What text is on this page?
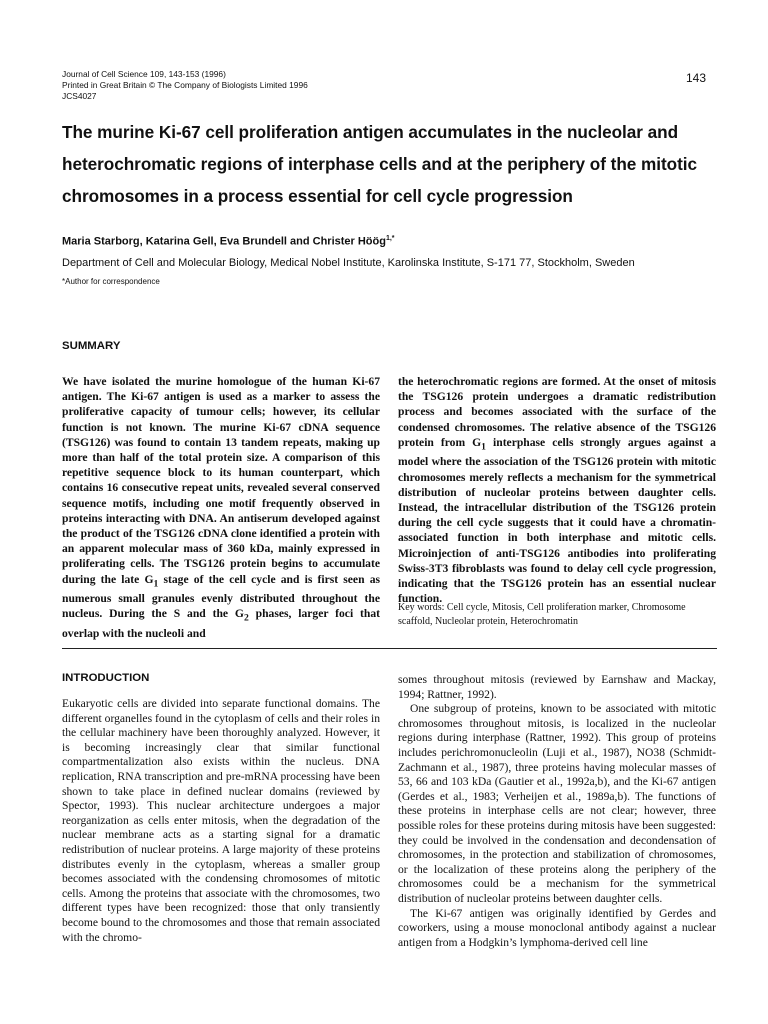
Journal of Cell Science 109, 143-153 (1996)
Printed in Great Britain © The Company of Biologists Limited 1996
JCS4027
143
The murine Ki-67 cell proliferation antigen accumulates in the nucleolar and heterochromatic regions of interphase cells and at the periphery of the mitotic chromosomes in a process essential for cell cycle progression
Maria Starborg, Katarina Gell, Eva Brundell and Christer Höög$^{1,*}$
Department of Cell and Molecular Biology, Medical Nobel Institute, Karolinska Institute, S-171 77, Stockholm, Sweden
*Author for correspondence
SUMMARY

We have isolated the murine homologue of the human Ki-67 antigen. The Ki-67 antigen is used as a marker to assess the proliferative capacity of tumour cells; however, its cellular function is not known. The murine Ki-67 cDNA sequence (TSG126) was found to contain 13 tandem repeats, making up more than half of the total protein size. A comparison of this repetitive sequence block to its human counterpart, which contains 16 consecutive repeat units, revealed several conserved sequence motifs, including one motif frequently observed in proteins interacting with DNA. An antiserum developed against the product of the TSG126 cDNA clone identified a protein with an apparent molecular mass of 360 kDa, mainly expressed in proliferating cells. The TSG126 protein begins to accumulate during the late $G_1$ stage of the cell cycle and is first seen as numerous small granules evenly distributed throughout the nucleus. During the S and the $G_2$ phases, larger foci that overlap with the nucleoli and

the heterochromatic regions are formed. At the onset of mitosis the TSG126 protein undergoes a dramatic redistribution process and becomes associated with the surface of the condensed chromosomes. The relative absence of the TSG126 protein from $G_1$ interphase cells strongly argues against a model where the association of the TSG126 protein with mitotic chromosomes merely reflects a mechanism for the symmetrical distribution of nucleolar proteins between daughter cells. Instead, the intracellular distribution of the TSG126 protein during the cell cycle suggests that it could have a chromatin-associated function in both interphase and mitotic cells. Microinjection of anti-TSG126 antibodies into proliferating Swiss-3T3 fibroblasts was found to delay cell cycle progression, indicating that the TSG126 protein has an essential nuclear function.

Key words: Cell cycle, Mitosis, Cell proliferation marker, Chromosome scaffold, Nucleolar protein, Heterochromatin

INTRODUCTION

Eukaryotic cells are divided into separate functional domains. The different organelles found in the cytoplasm of cells and their roles in the cellular machinery have been thoroughly analyzed. However, it is becoming increasingly clear that similar functional compartmentalization also exists within the nucleus. DNA replication, RNA transcription and pre-mRNA processing have been shown to take place in defined nuclear domains (reviewed by Spector, 1993). This nuclear architecture undergoes a major reorganization as cells enter mitosis, when the degradation of the nuclear membrane acts as a starting signal for a dramatic redistribution of nuclear proteins. A large majority of these proteins distributes evenly in the cytoplasm, whereas a smaller group becomes associated with the condensing chromosomes of mitotic cells. Among the proteins that associate with the chromosomes, two different types have been recognized: those that only transiently become bound to the chromosomes and those that remain associated with the chromo-

somes throughout mitosis (reviewed by Earnshaw and Mackay, 1994; Rattner, 1992).

One subgroup of proteins, known to be associated with mitotic chromosomes throughout mitosis, is localized in the nucleolar regions during interphase (Rattner, 1992). This group of proteins includes perichromonucleolin (Luji et al., 1987), NO38 (Schmidt-Zachmann et al., 1987), three proteins having molecular masses of 53, 66 and 103 kDa (Gautier et al., 1992a,b), and the Ki-67 antigen (Gerdes et al., 1983; Verheijen et al., 1989a,b). The functions of these proteins in interphase cells are not clear; however, three possible roles for these proteins during mitosis have been suggested: they could be involved in the condensation and decondensation of chromosomes, in the protection and stabilization of chromosomes, or the localization of these proteins along the periphery of the chromosomes could be a mechanism for the symmetrical distribution of nucleolar proteins between daughter cells.

The Ki-67 antigen was originally identified by Gerdes and coworkers, using a mouse monoclonal antibody against a nuclear antigen from a Hodgkin’s lymphoma-derived cell line
